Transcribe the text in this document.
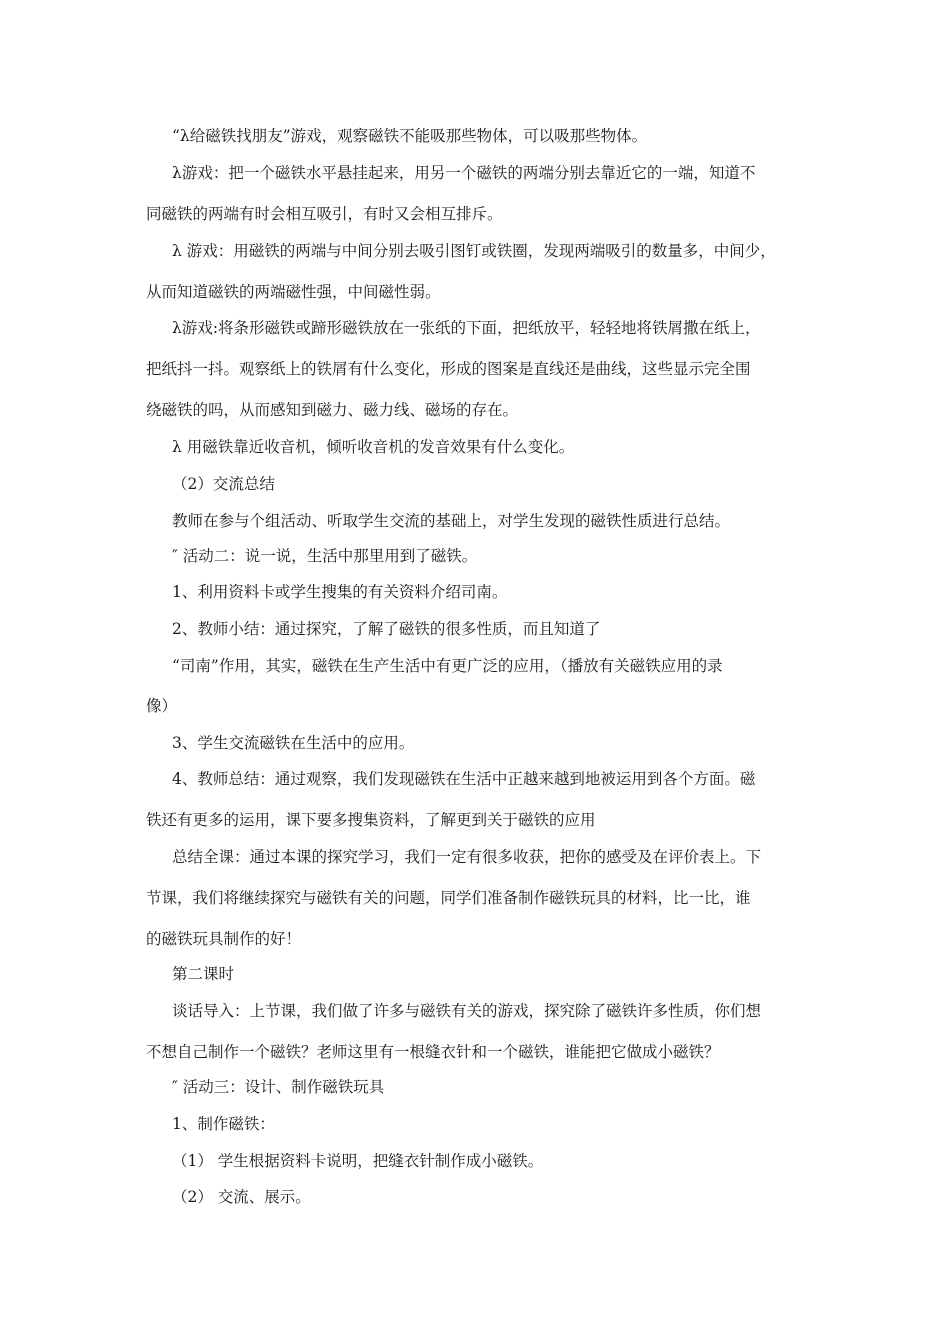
“λ给磁铁找朋友”游戏，观察磁铁不能吸那些物体，可以吸那些物体。
λ游戏：把一个磁铁水平悬挂起来，用另一个磁铁的两端分别去靠近它的一端，知道不
同磁铁的两端有时会相互吸引，有时又会相互排斥。
λ 游戏：用磁铁的两端与中间分别去吸引图钉或铁圈，发现两端吸引的数量多，中间少，
从而知道磁铁的两端磁性强，中间磁性弱。
λ游戏:将条形磁铁或蹄形磁铁放在一张纸的下面，把纸放平，轻轻地将铁屑撒在纸上，
把纸抖一抖。观察纸上的铁屑有什么变化，形成的图案是直线还是曲线，这些显示完全围
绕磁铁的吗，从而感知到磁力、磁力线、磁场的存在。
λ 用磁铁靠近收音机，倾听收音机的发音效果有什么变化。
（2）交流总结
教师在参与个组活动、听取学生交流的基础上，对学生发现的磁铁性质进行总结。
″ 活动二：说一说，生活中那里用到了磁铁。
1、利用资料卡或学生搜集的有关资料介绍司南。
2、教师小结：通过探究，了解了磁铁的很多性质，而且知道了
“司南”作用，其实，磁铁在生产生活中有更广泛的应用，（播放有关磁铁应用的录
像）
3、学生交流磁铁在生活中的应用。
4、教师总结：通过观察，我们发现磁铁在生活中正越来越到地被运用到各个方面。磁
铁还有更多的运用，课下要多搜集资料，了解更到关于磁铁的应用
总结全课：通过本课的探究学习，我们一定有很多收获，把你的感受及在评价表上。下
节课，我们将继续探究与磁铁有关的问题，同学们准备制作磁铁玩具的材料，比一比，谁
的磁铁玩具制作的好！
第二课时
谈话导入：上节课，我们做了许多与磁铁有关的游戏，探究除了磁铁许多性质，你们想
不想自己制作一个磁铁？老师这里有一根缝衣针和一个磁铁，谁能把它做成小磁铁？
″ 活动三：设计、制作磁铁玩具
1、制作磁铁：
（1） 学生根据资料卡说明，把缝衣针制作成小磁铁。
（2） 交流、展示。
